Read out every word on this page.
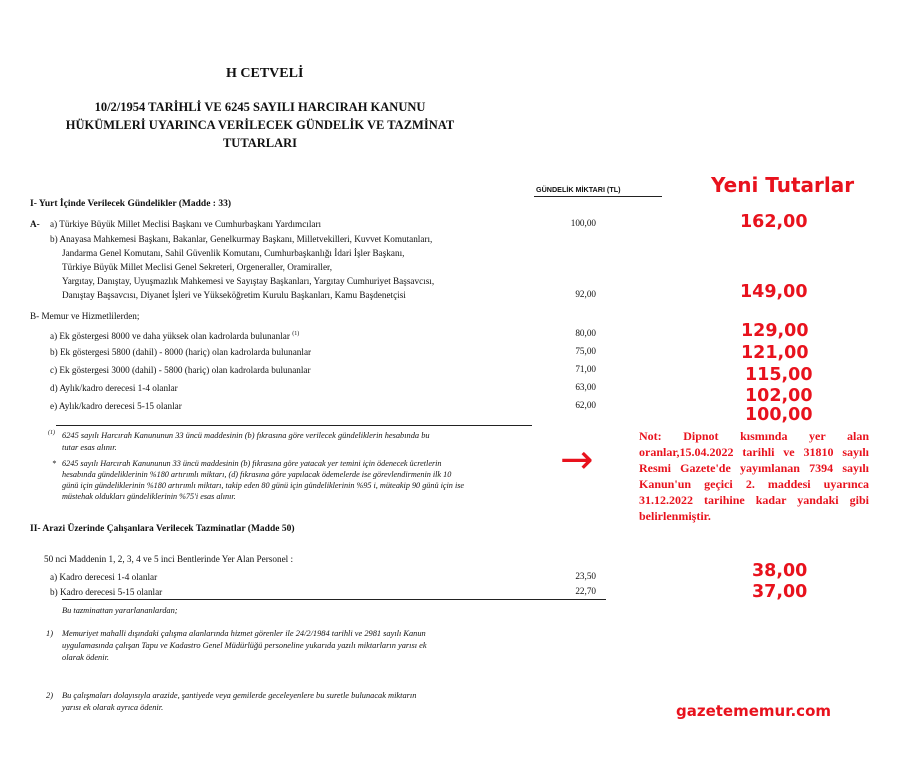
H CETVELİ
10/2/1954 TARİHLİ VE 6245 SAYILI HARCIRAH KANUNU
HÜKÜMLERİ UYARINCA VERİLECEK GÜNDELİK VE TAZMİNAT
TUTARLARI
GÜNDELİK MİKTARI (TL)	Yeni Tutarlar
I- Yurt İçinde Verilecek Gündelikler (Madde : 33)
A- a) Türkiye Büyük Millet Meclisi Başkanı ve Cumhurbaşkanı Yardımcıları	100,00	162,00
b) Anayasa Mahkemesi Başkanı, Bakanlar, Genelkurmay Başkanı, Milletvekilleri, Kuvvet Komutanları,
Jandarma Genel Komutanı, Sahil Güvenlik Komutanı, Cumhurbaşkanlığı İdari İşler Başkanı,
Türkiye Büyük Millet Meclisi Genel Sekreteri, Orgeneraller, Oramiraller,
Yargıtay, Danıştay, Uyuşmazlık Mahkemesi ve Sayıştay Başkanları, Yargıtay Cumhuriyet Başsavcısı,
Danıştay Başsavcısı, Diyanet İşleri ve Yükseköğretim Kurulu Başkanları, Kamu Başdenetçisi	92,00	149,00
B- Memur ve Hizmetlilerden;
a) Ek göstergesi 8000 ve daha yüksek olan kadrolarda bulunanlar $^{(1)}$	80,00	129,00
b) Ek göstergesi 5800 (dahil) - 8000 (hariç) olan kadrolarda bulunanlar	75,00	121,00
c) Ek göstergesi 3000 (dahil) - 5800 (hariç) olan kadrolarda bulunanlar	71,00	115,00
d) Aylık/kadro derecesi 1-4 olanlar	63,00	102,00
e) Aylık/kadro derecesi 5-15 olanlar	62,00	100,00
(1) 6245 sayılı Harcırah Kanununun 33 üncü maddesinin (b) fıkrasına göre verilecek gündeliklerin hesabında bu
tutar esas alınır.
* 6245 sayılı Harcırah Kanununun 33 üncü maddesinin (b) fıkrasına göre yatacak yer temini için ödenecek ücretlerin
hesabında gündeliklerinin %180 artırımlı miktarı, (d) fıkrasına göre yapılacak ödemelerde ise görevlendirmenin ilk 10
günü için gündeliklerinin %180 artırımlı miktarı, takip eden 80 günü için gündeliklerinin %95 i, müteakip 90 günü için ise
müstehak oldukları gündeliklerinin %75'i esas alınır.
→
Not: Dipnot kısmında yer alan oranlar,15.04.2022 tarihli ve 31810 sayılı Resmi Gazete'de yayımlanan 7394 sayılı Kanun'un geçici 2. maddesi uyarınca 31.12.2022 tarihine kadar yandaki gibi belirlenmiştir.
II- Arazi Üzerinde Çalışanlara Verilecek Tazminatlar (Madde 50)
50 nci Maddenin 1, 2, 3, 4 ve 5 inci Bentlerinde Yer Alan Personel :
a) Kadro derecesi 1-4 olanlar	23,50	38,00
b) Kadro derecesi 5-15 olanlar	22,70	37,00
Bu tazminattan yararlananlardan;
1) Memuriyet mahalli dışındaki çalışma alanlarında hizmet görenler ile 24/2/1984 tarihli ve 2981 sayılı Kanun
uygulamasında çalışan Tapu ve Kadastro Genel Müdürlüğü personeline yukarıda yazılı miktarların yarısı ek
olarak ödenir.
2) Bu çalışmaları dolayısıyla arazide, şantiyede veya gemilerde geceleyenlere bu suretle bulunacak miktarın
yarısı ek olarak ayrıca ödenir.	gazetememur.com
